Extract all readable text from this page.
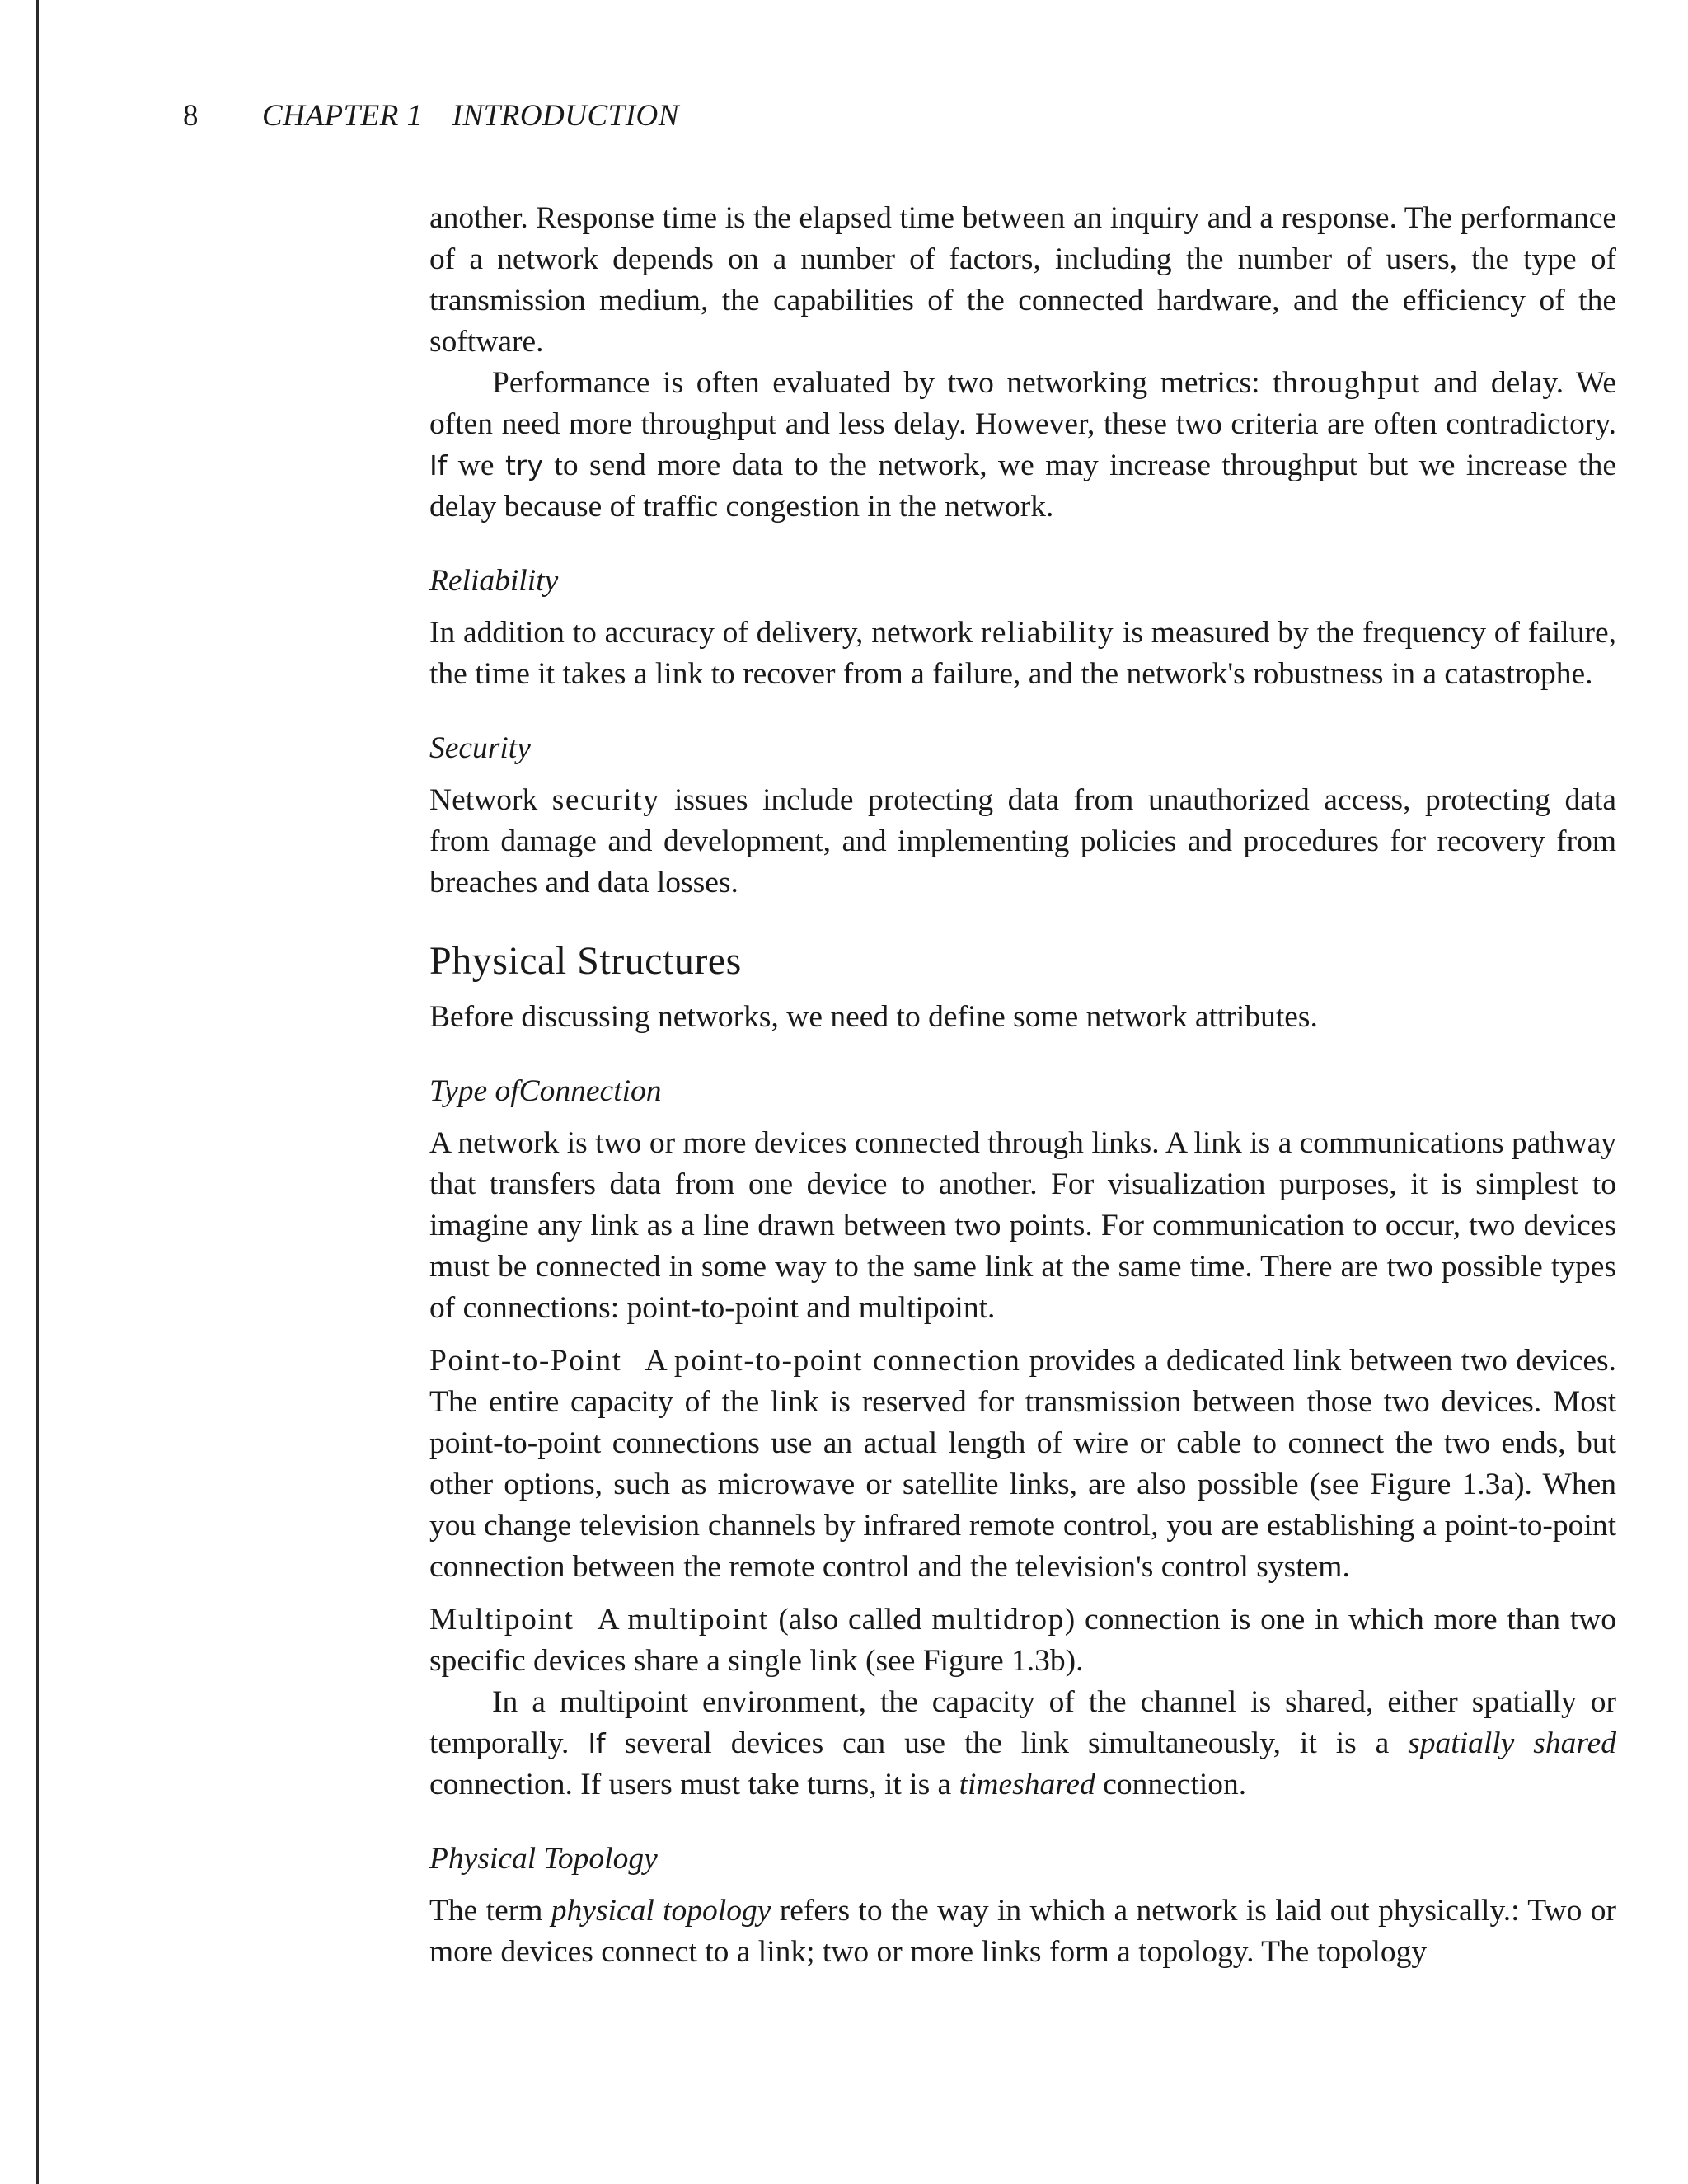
8 CHAPTER 1 INTRODUCTION

another. Response time is the elapsed time between an inquiry and a response. The performance of a network depends on a number of factors, including the number of users, the type of transmission medium, the capabilities of the connected hardware, and the efficiency of the software.

Performance is often evaluated by two networking metrics: throughput and delay. We often need more throughput and less delay. However, these two criteria are often contradictory. If we try to send more data to the network, we may increase throughput but we increase the delay because of traffic congestion in the network.

Reliability

In addition to accuracy of delivery, network reliability is measured by the frequency of failure, the time it takes a link to recover from a failure, and the network's robustness in a catastrophe.

Security

Network security issues include protecting data from unauthorized access, protecting data from damage and development, and implementing policies and procedures for recovery from breaches and data losses.

Physical Structures

Before discussing networks, we need to define some network attributes.

Type ofConnection

A network is two or more devices connected through links. A link is a communications pathway that transfers data from one device to another. For visualization purposes, it is simplest to imagine any link as a line drawn between two points. For communication to occur, two devices must be connected in some way to the same link at the same time. There are two possible types of connections: point-to-point and multipoint.

Point-to-Point A point-to-point connection provides a dedicated link between two devices. The entire capacity of the link is reserved for transmission between those two devices. Most point-to-point connections use an actual length of wire or cable to connect the two ends, but other options, such as microwave or satellite links, are also possible (see Figure 1.3a). When you change television channels by infrared remote control, you are establishing a point-to-point connection between the remote control and the television's control system.

Multipoint A multipoint (also called multidrop) connection is one in which more than two specific devices share a single link (see Figure 1.3b).

In a multipoint environment, the capacity of the channel is shared, either spatially or temporally. If several devices can use the link simultaneously, it is a spatially shared connection. If users must take turns, it is a timeshared connection.

Physical Topology

The term physical topology refers to the way in which a network is laid out physically.: Two or more devices connect to a link; two or more links form a topology. The topology
